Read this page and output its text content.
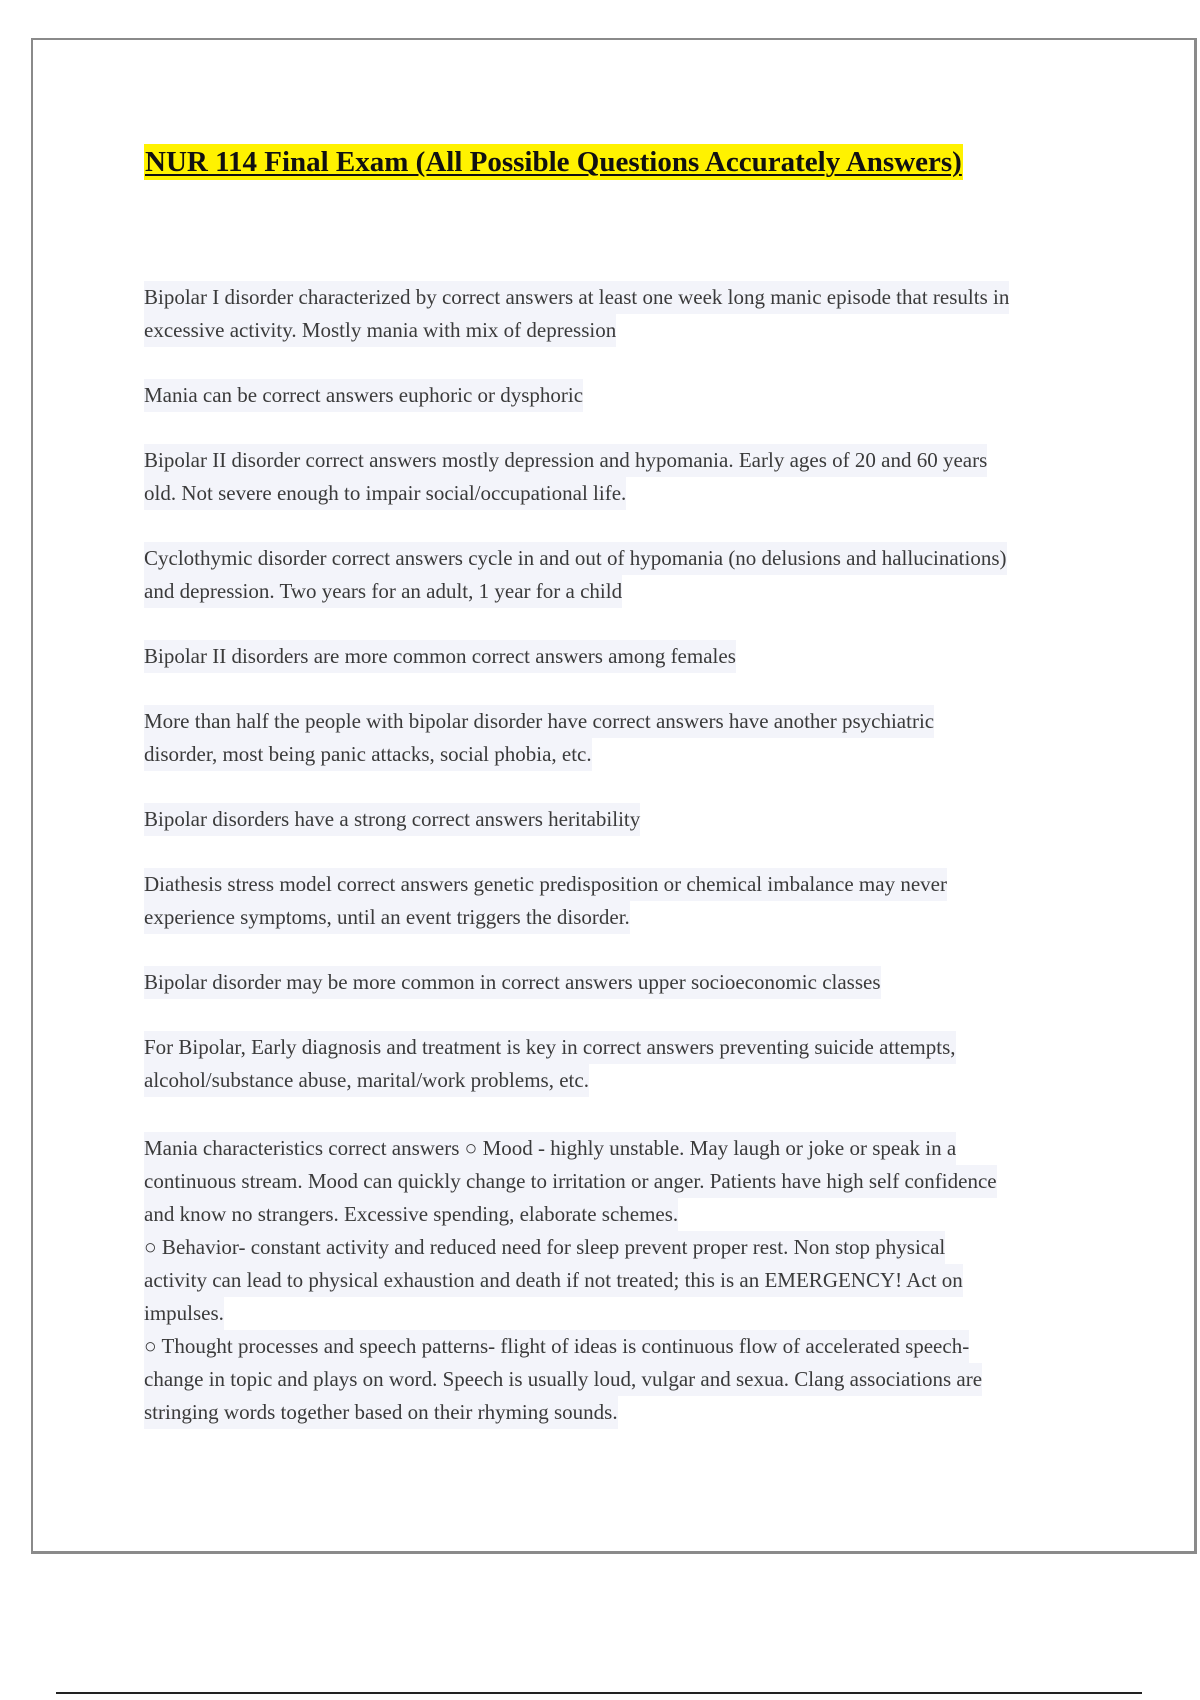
NUR 114 Final Exam (All Possible Questions Accurately Answers)
Bipolar I disorder characterized by correct answers at least one week long manic episode that results in
excessive activity. Mostly mania with mix of depression
Mania can be correct answers euphoric or dysphoric
Bipolar II disorder correct answers mostly depression and hypomania. Early ages of 20 and 60 years
old. Not severe enough to impair social/occupational life.
Cyclothymic disorder correct answers cycle in and out of hypomania (no delusions and hallucinations)
and depression. Two years for an adult, 1 year for a child
Bipolar II disorders are more common correct answers among females
More than half the people with bipolar disorder have correct answers have another psychiatric
disorder, most being panic attacks, social phobia, etc.
Bipolar disorders have a strong correct answers heritability
Diathesis stress model correct answers genetic predisposition or chemical imbalance may never
experience symptoms, until an event triggers the disorder.
Bipolar disorder may be more common in correct answers upper socioeconomic classes
For Bipolar, Early diagnosis and treatment is key in correct answers preventing suicide attempts,
alcohol/substance abuse, marital/work problems, etc.
Mania characteristics correct answers ○ Mood - highly unstable. May laugh or joke or speak in a
continuous stream. Mood can quickly change to irritation or anger. Patients have high self confidence
and know no strangers. Excessive spending, elaborate schemes.
○ Behavior- constant activity and reduced need for sleep prevent proper rest. Non stop physical
activity can lead to physical exhaustion and death if not treated; this is an EMERGENCY! Act on
impulses.
○ Thought processes and speech patterns- flight of ideas is continuous flow of accelerated speech-
change in topic and plays on word. Speech is usually loud, vulgar and sexua. Clang associations are
stringing words together based on their rhyming sounds.
